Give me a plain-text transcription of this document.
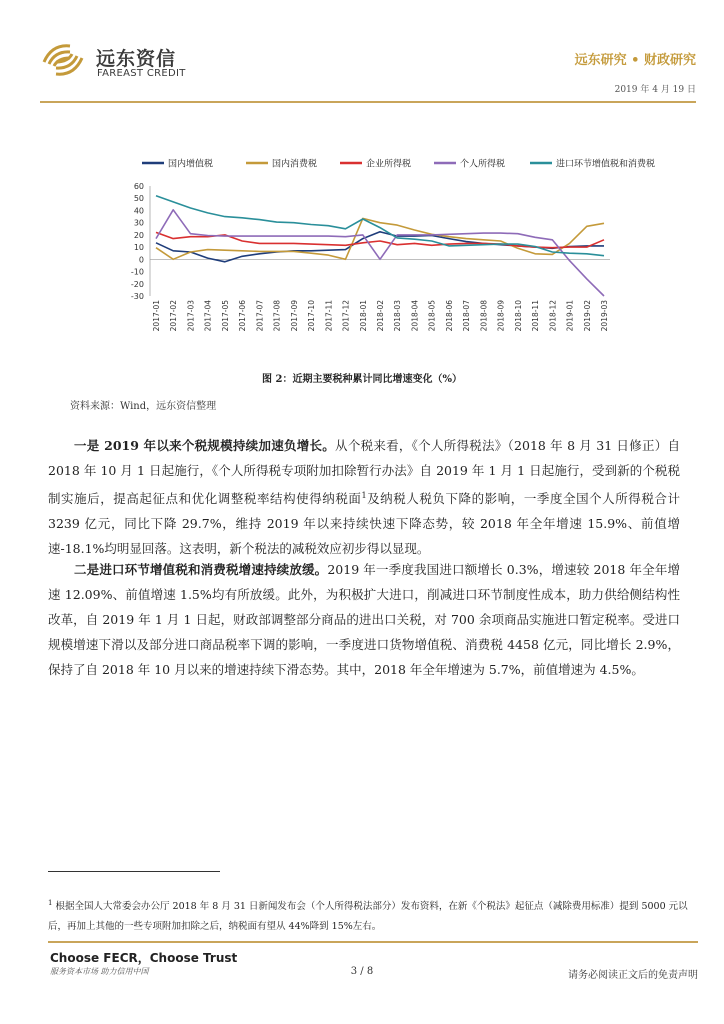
远东资信
FAREAST CREDIT
远东研究 • 财政研究
2019 年 4 月 19 日
国内增值税	国内消费税	企业所得税	个人所得税	进口环节增值税和消费税
-30
-20
-10
0
10
20
30
40
50
60
2017-01 2017-02 2017-03 2017-04 2017-05 2017-06 2017-07 2017-08 2017-09 2017-10 2017-11 2017-12 2018-01 2018-02 2018-03 2018-04 2018-05 2018-06 2018-07 2018-08 2018-09 2018-10 2018-11 2018-12 2019-01 2019-02 2019-03
图 2：近期主要税种累计同比增速变化（%）
资料来源：Wind，远东资信整理
一是 2019 年以来个税规模持续加速负增长。从个税来看，《个人所得税法》（2018 年 8 月 31 日修正）自 2018 年 10 月 1 日起施行，《个人所得税专项附加扣除暂行办法》自 2019 年 1 月 1 日起施行，受到新的个税税制实施后，提高起征点和优化调整税率结构使得纳税面$^1$及纳税人税负下降的影响，一季度全国个人所得税合计 3239 亿元，同比下降 29.7%，维持 2019 年以来持续快速下降态势，较 2018 年全年增速 15.9%、前值增速-18.1%均明显回落。这表明，新个税法的减税效应初步得以显现。
二是进口环节增值税和消费税增速持续放缓。2019 年一季度我国进口额增长 0.3%，增速较 2018 年全年增速 12.09%、前值增速 1.5%均有所放缓。此外，为积极扩大进口，削减进口环节制度性成本，助力供给侧结构性改革，自 2019 年 1 月 1 日起，财政部调整部分商品的进出口关税，对 700 余项商品实施进口暂定税率。受进口规模增速下滑以及部分进口商品税率下调的影响，一季度进口货物增值税、消费税 4458 亿元，同比增长 2.9%，保持了自 2018 年 10 月以来的增速持续下滑态势。其中，2018 年全年增速为 5.7%，前值增速为 4.5%。
$^1$ 根据全国人大常委会办公厅 2018 年 8 月 31 日新闻发布会（个人所得税法部分）发布资料，在新《个税法》起征点（减除费用标准）提到 5000 元以后，再加上其他的一些专项附加扣除之后，纳税面有望从 44%降到 15%左右。
Choose FECR，Choose Trust
服务资本市场 助力信用中国	3 / 8	请务必阅读正文后的免责声明
